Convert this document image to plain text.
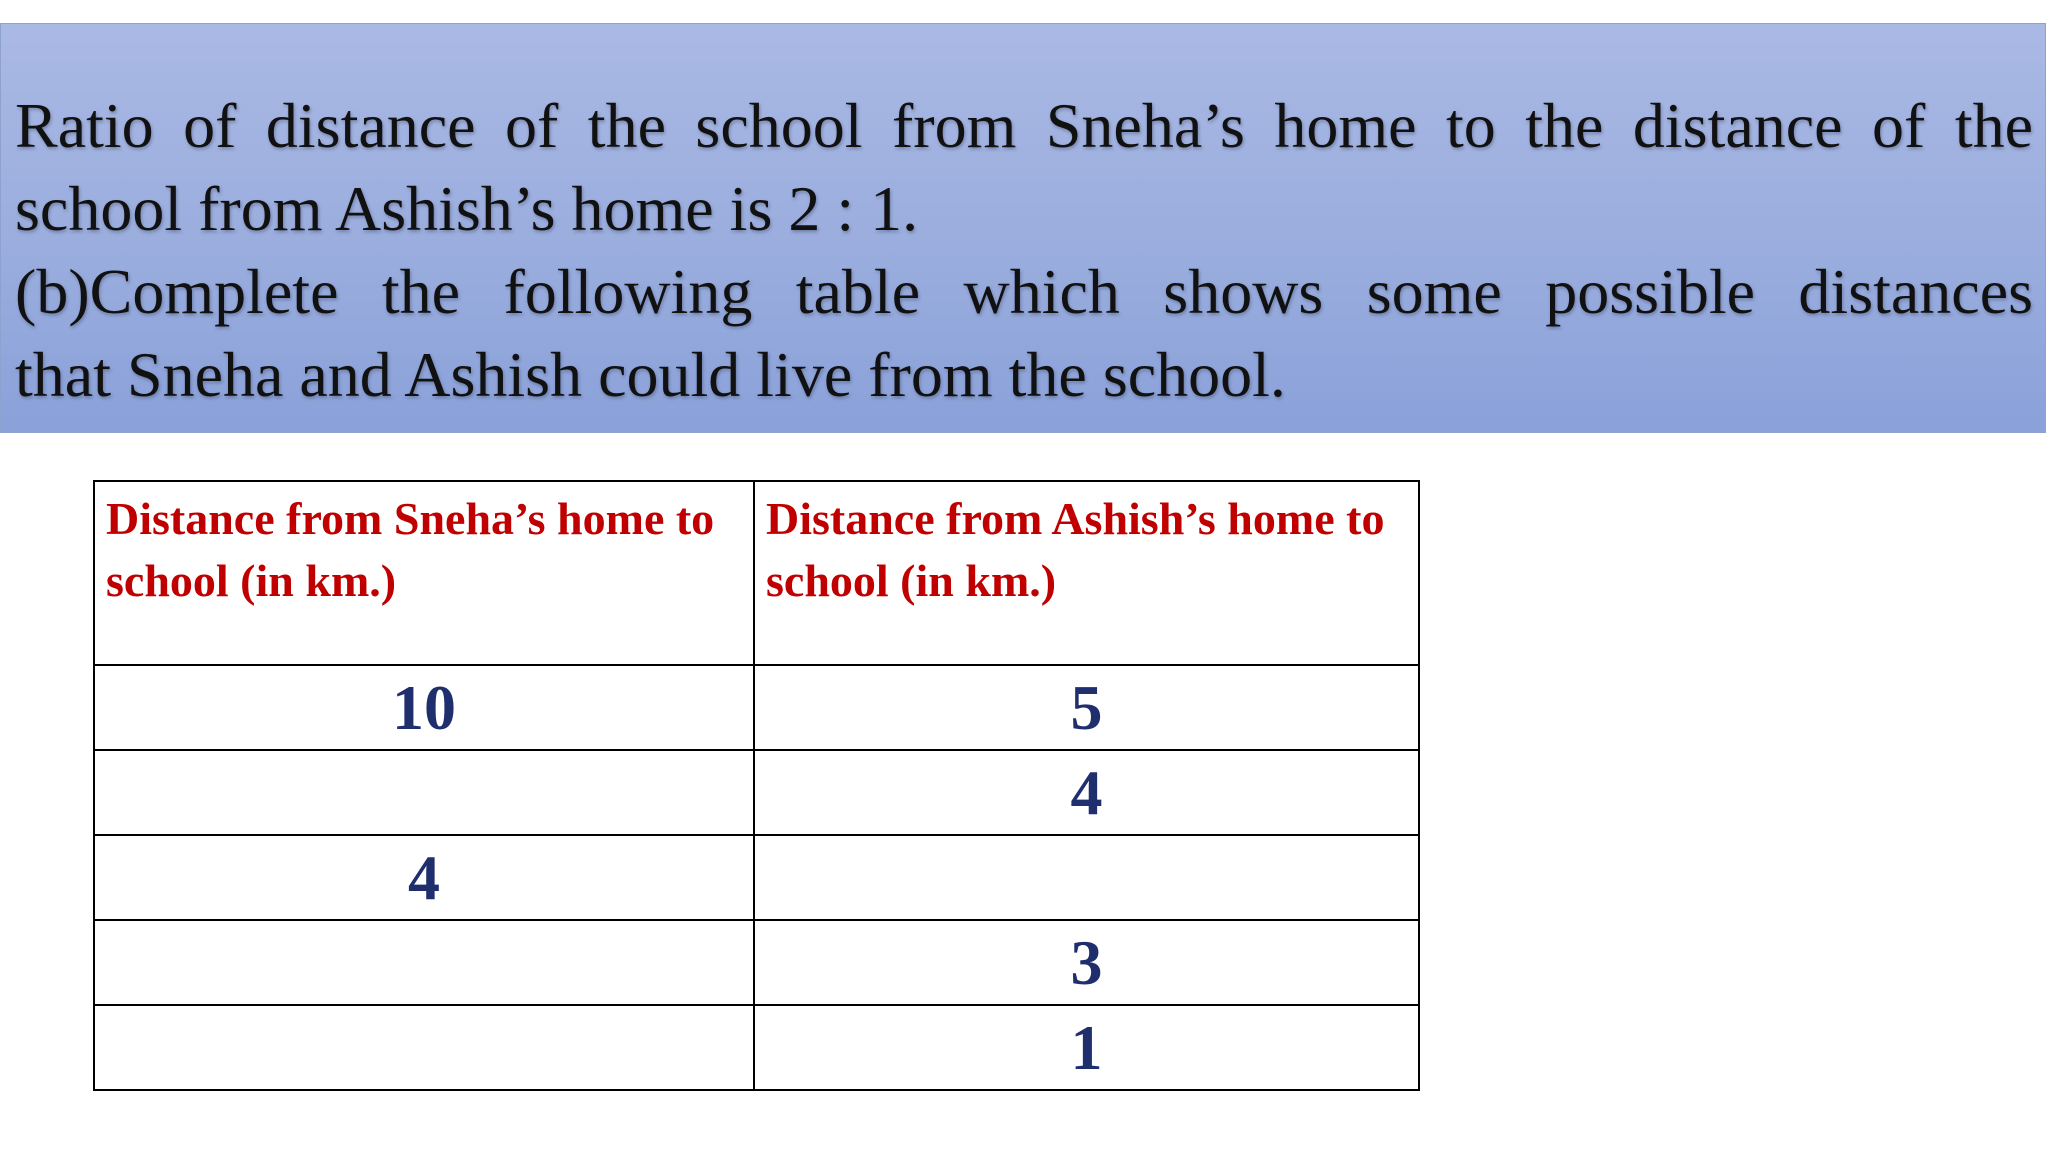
Ratio of distance of the school from Sneha’s home to the distance of the
school from Ashish’s home is 2 : 1.
(b)Complete the following table which shows some possible distances
that Sneha and Ashish could live from the school.

Distance from Sneha’s home to school (in km.)	Distance from Ashish’s home to school (in km.)
10	5
	4
4	
	3
	1
